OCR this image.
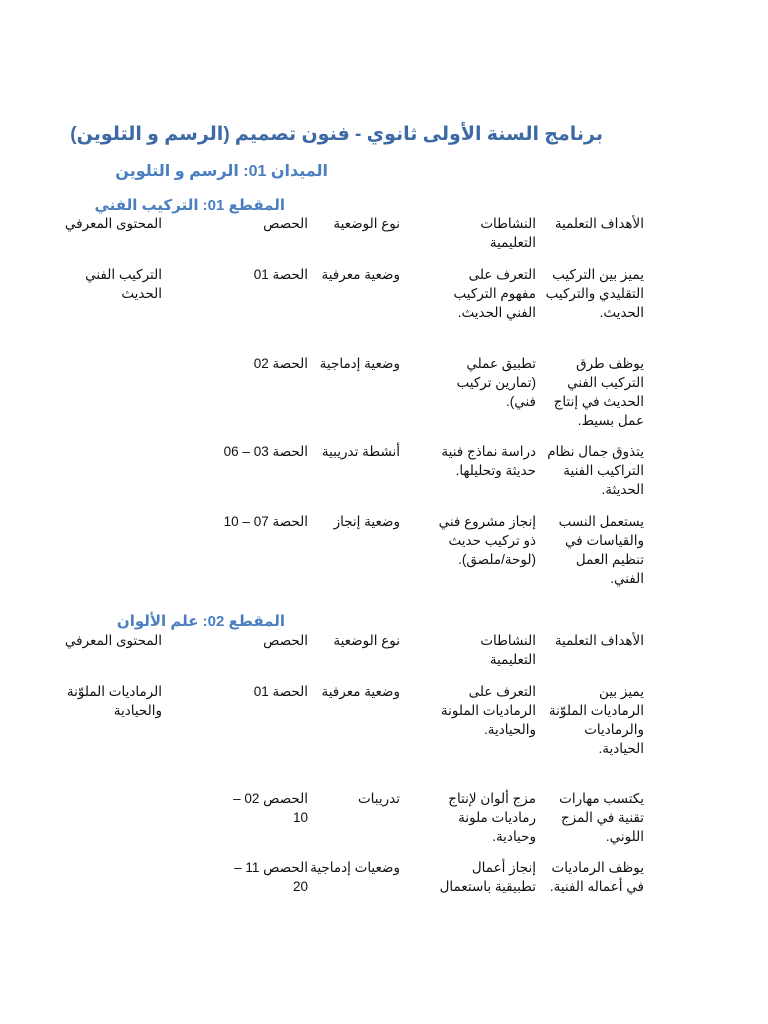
برنامج السنة الأولى ثانوي - فنون تصميم (الرسم و التلوين)
الميدان 01: الرسم و التلوين
المقطع 01: التركيب الفني
الأهداف التعلمية
النشاطات التعليمية
نوع الوضعية
الحصص
المحتوى المعرفي
يميز بين التركيب التقليدي والتركيب الحديث.
التعرف على مفهوم التركيب الفني الحديث.
وضعية معرفية
الحصة 01
التركيب الفني الحديث
يوظف طرق التركيب الفني الحديث في إنتاج عمل بسيط.
تطبيق عملي (تمارين تركيب فني).
وضعية إدماجية
الحصة 02
يتذوق جمال نظام التراكيب الفنية الحديثة.
دراسة نماذج فنية حديثة وتحليلها.
أنشطة تدريبية
الحصة 03 – 06
يستعمل النسب والقياسات في تنظيم العمل الفني.
إنجاز مشروع فني ذو تركيب حديث (لوحة/ملصق).
وضعية إنجاز
الحصة 07 – 10
المقطع 02: علم الألوان
الأهداف التعلمية
النشاطات التعليمية
نوع الوضعية
الحصص
المحتوى المعرفي
يميز بين الرماديات الملوّنة والرماديات الحيادية.
التعرف على الرماديات الملونة والحيادية.
وضعية معرفية
الحصة 01
الرماديات الملوّنة والحيادية
يكتسب مهارات تقنية في المزج اللوني.
مزج ألوان لإنتاج رماديات ملونة وحيادية.
تدريبات
الحصص 02 – 10
يوظف الرماديات في أعماله الفنية.
إنجاز أعمال تطبيقية باستعمال
وضعيات إدماجية
الحصص 11 – 20
